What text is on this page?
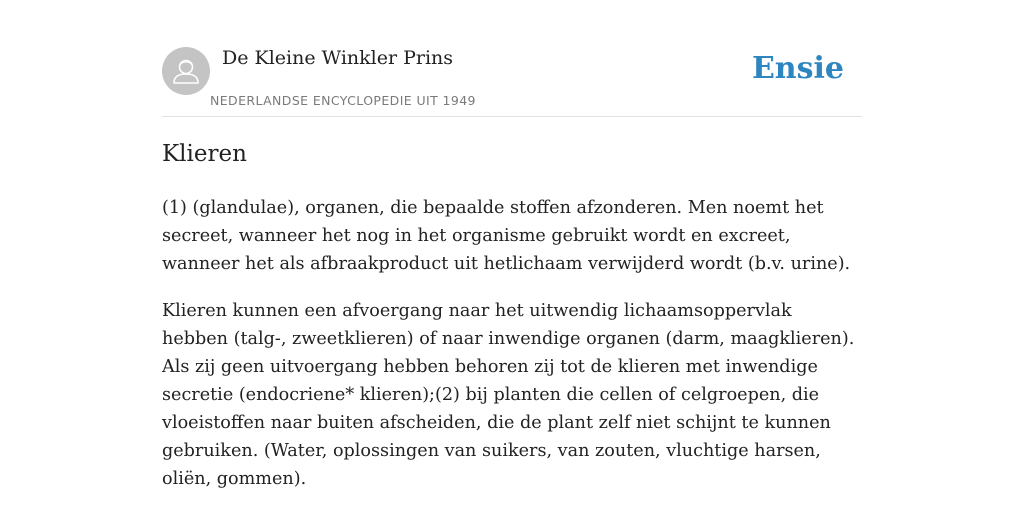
De Kleine Winkler Prins
NEDERLANDSE ENCYCLOPEDIE UIT 1949
Ensie
Klieren

(1) (glandulae), organen, die bepaalde stoffen afzonderen. Men noemt het secreet, wanneer het nog in het organisme gebruikt wordt en excreet, wanneer het als afbraakproduct uit hetlichaam verwijderd wordt (b.v. urine).

Klieren kunnen een afvoergang naar het uitwendig lichaamsoppervlak hebben (talg-, zweetklieren) of naar inwendige organen (darm, maagklieren). Als zij geen uitvoergang hebben behoren zij tot de klieren met inwendige secretie (endocriene* klieren);(2) bij planten die cellen of celgroepen, die vloeistoffen naar buiten afscheiden, die de plant zelf niet schijnt te kunnen gebruiken. (Water, oplossingen van suikers, van zouten, vluchtige harsen, oliën, gommen).
